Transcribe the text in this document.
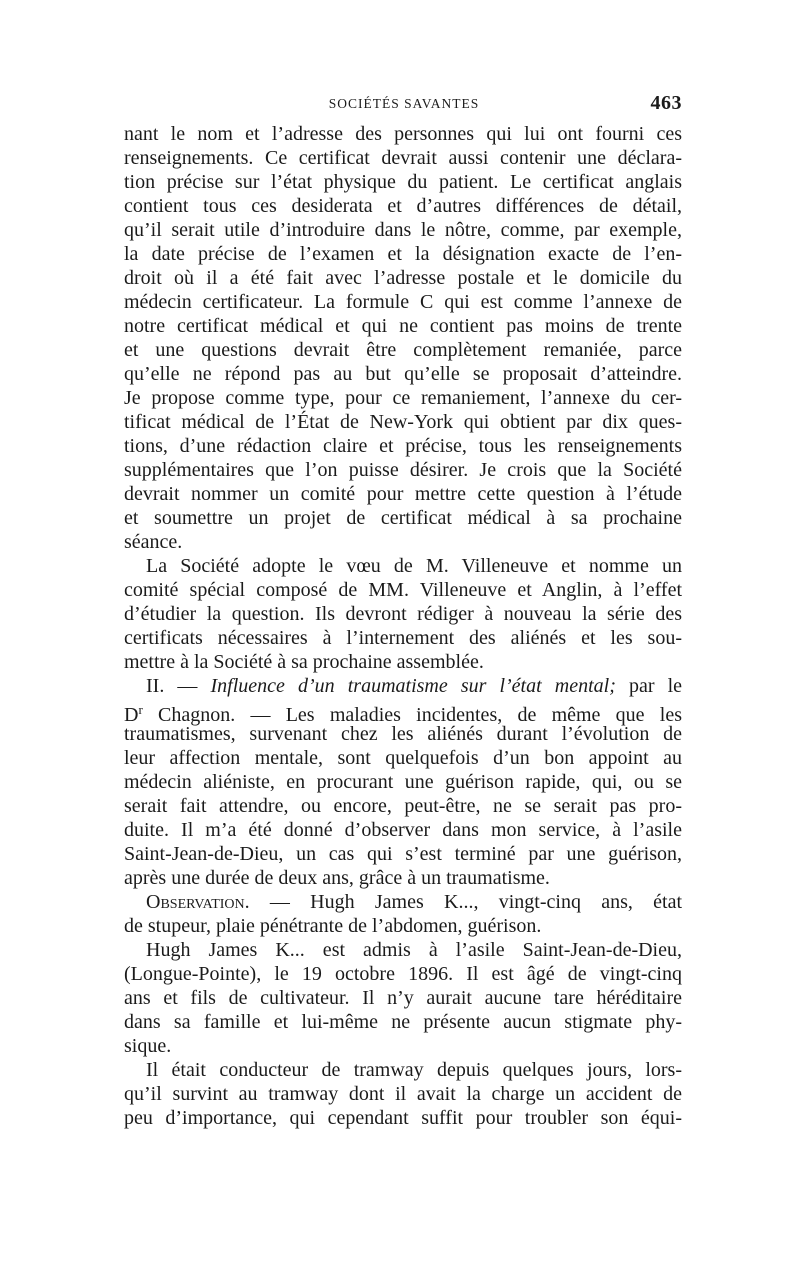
SOCIÉTÉS SAVANTES	463
nant le nom et l’adresse des personnes qui lui ont fourni ces
renseignements. Ce certificat devrait aussi contenir une déclara-
tion précise sur l’état physique du patient. Le certificat anglais
contient tous ces desiderata et d’autres différences de détail,
qu’il serait utile d’introduire dans le nôtre, comme, par exemple,
la date précise de l’examen et la désignation exacte de l’en-
droit où il a été fait avec l’adresse postale et le domicile du
médecin certificateur. La formule C qui est comme l’annexe de
notre certificat médical et qui ne contient pas moins de trente
et une questions devrait être complètement remaniée, parce
qu’elle ne répond pas au but qu’elle se proposait d’atteindre.
Je propose comme type, pour ce remaniement, l’annexe du cer-
tificat médical de l’État de New-York qui obtient par dix ques-
tions, d’une rédaction claire et précise, tous les renseignements
supplémentaires que l’on puisse désirer. Je crois que la Société
devrait nommer un comité pour mettre cette question à l’étude
et soumettre un projet de certificat médical à sa prochaine
séance.
La Société adopte le vœu de M. Villeneuve et nomme un
comité spécial composé de MM. Villeneuve et Anglin, à l’effet
d’étudier la question. Ils devront rédiger à nouveau la série des
certificats nécessaires à l’internement des aliénés et les sou-
mettre à la Société à sa prochaine assemblée.
II. — Influence d’un traumatisme sur l’état mental; par le
$D^r$ Chagnon. — Les maladies incidentes, de même que les
traumatismes, survenant chez les aliénés durant l’évolution de
leur affection mentale, sont quelquefois d’un bon appoint au
médecin aliéniste, en procurant une guérison rapide, qui, ou se
serait fait attendre, ou encore, peut-être, ne se serait pas pro-
duite. Il m’a été donné d’observer dans mon service, à l’asile
Saint-Jean-de-Dieu, un cas qui s’est terminé par une guérison,
après une durée de deux ans, grâce à un traumatisme.
Observation. — Hugh James K..., vingt-cinq ans, état
de stupeur, plaie pénétrante de l’abdomen, guérison.
Hugh James K... est admis à l’asile Saint-Jean-de-Dieu,
(Longue-Pointe), le 19 octobre 1896. Il est âgé de vingt-cinq
ans et fils de cultivateur. Il n’y aurait aucune tare héréditaire
dans sa famille et lui-même ne présente aucun stigmate phy-
sique.
Il était conducteur de tramway depuis quelques jours, lors-
qu’il survint au tramway dont il avait la charge un accident de
peu d’importance, qui cependant suffit pour troubler son équi-
